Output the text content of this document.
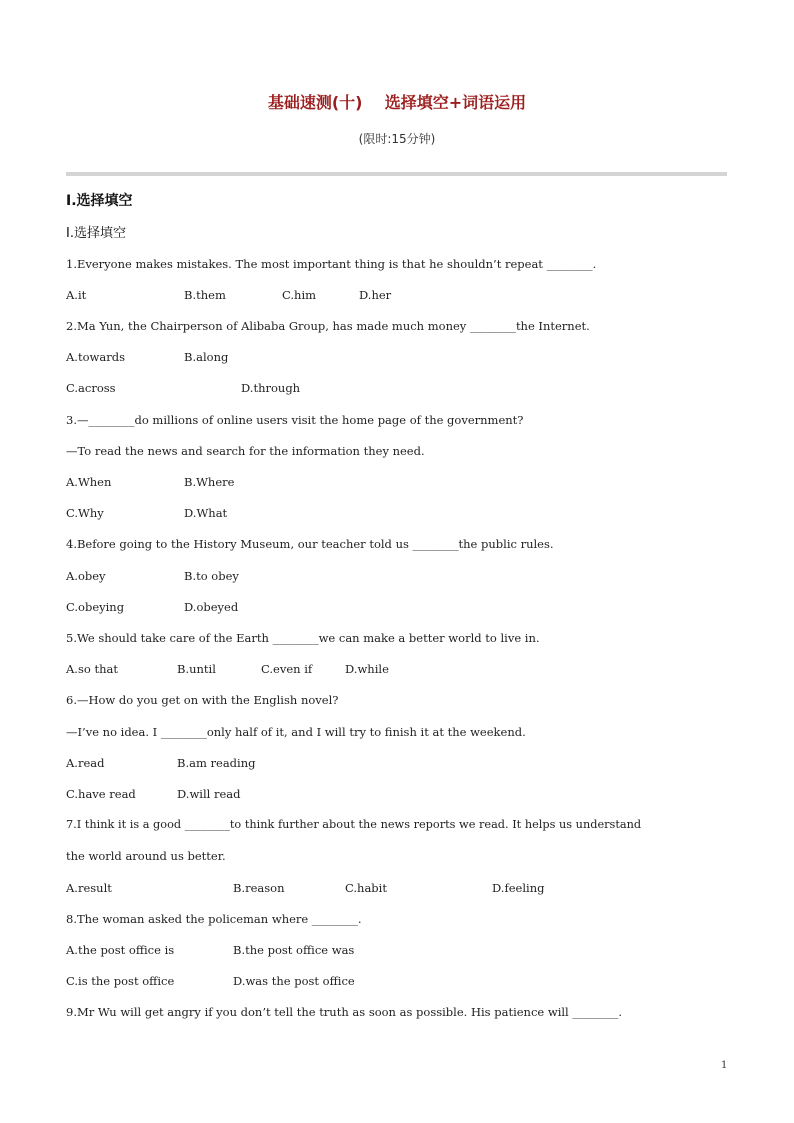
基础速测(十)    选择填空+词语运用
(限时:15分钟)
Ⅰ.选择填空
Ⅰ.选择填空
1.Everyone makes mistakes. The most important thing is that he shouldn’t repeat ________.
A.it	B.them	C.him	D.her
2.Ma Yun, the Chairperson of Alibaba Group, has made much money ________the Internet.
A.towards	B.along
C.across	D.through
3.—________do millions of online users visit the home page of the government?
—To read the news and search for the information they need.
A.When	B.Where
C.Why	D.What
4.Before going to the History Museum, our teacher told us ________the public rules.
A.obey	B.to obey
C.obeying	D.obeyed
5.We should take care of the Earth ________we can make a better world to live in.
A.so that	B.until	C.even if	D.while
6.—How do you get on with the English novel?
—I’ve no idea. I ________only half of it, and I will try to finish it at the weekend.
A.read	B.am reading
C.have read	D.will read
7.I think it is a good ________to think further about the news reports we read. It helps us understand
the world around us better.
A.result	B.reason	C.habit	D.feeling
8.The woman asked the policeman where ________.
A.the post office is	B.the post office was
C.is the post office	D.was the post office
9.Mr Wu will get angry if you don’t tell the truth as soon as possible. His patience will ________.
1
